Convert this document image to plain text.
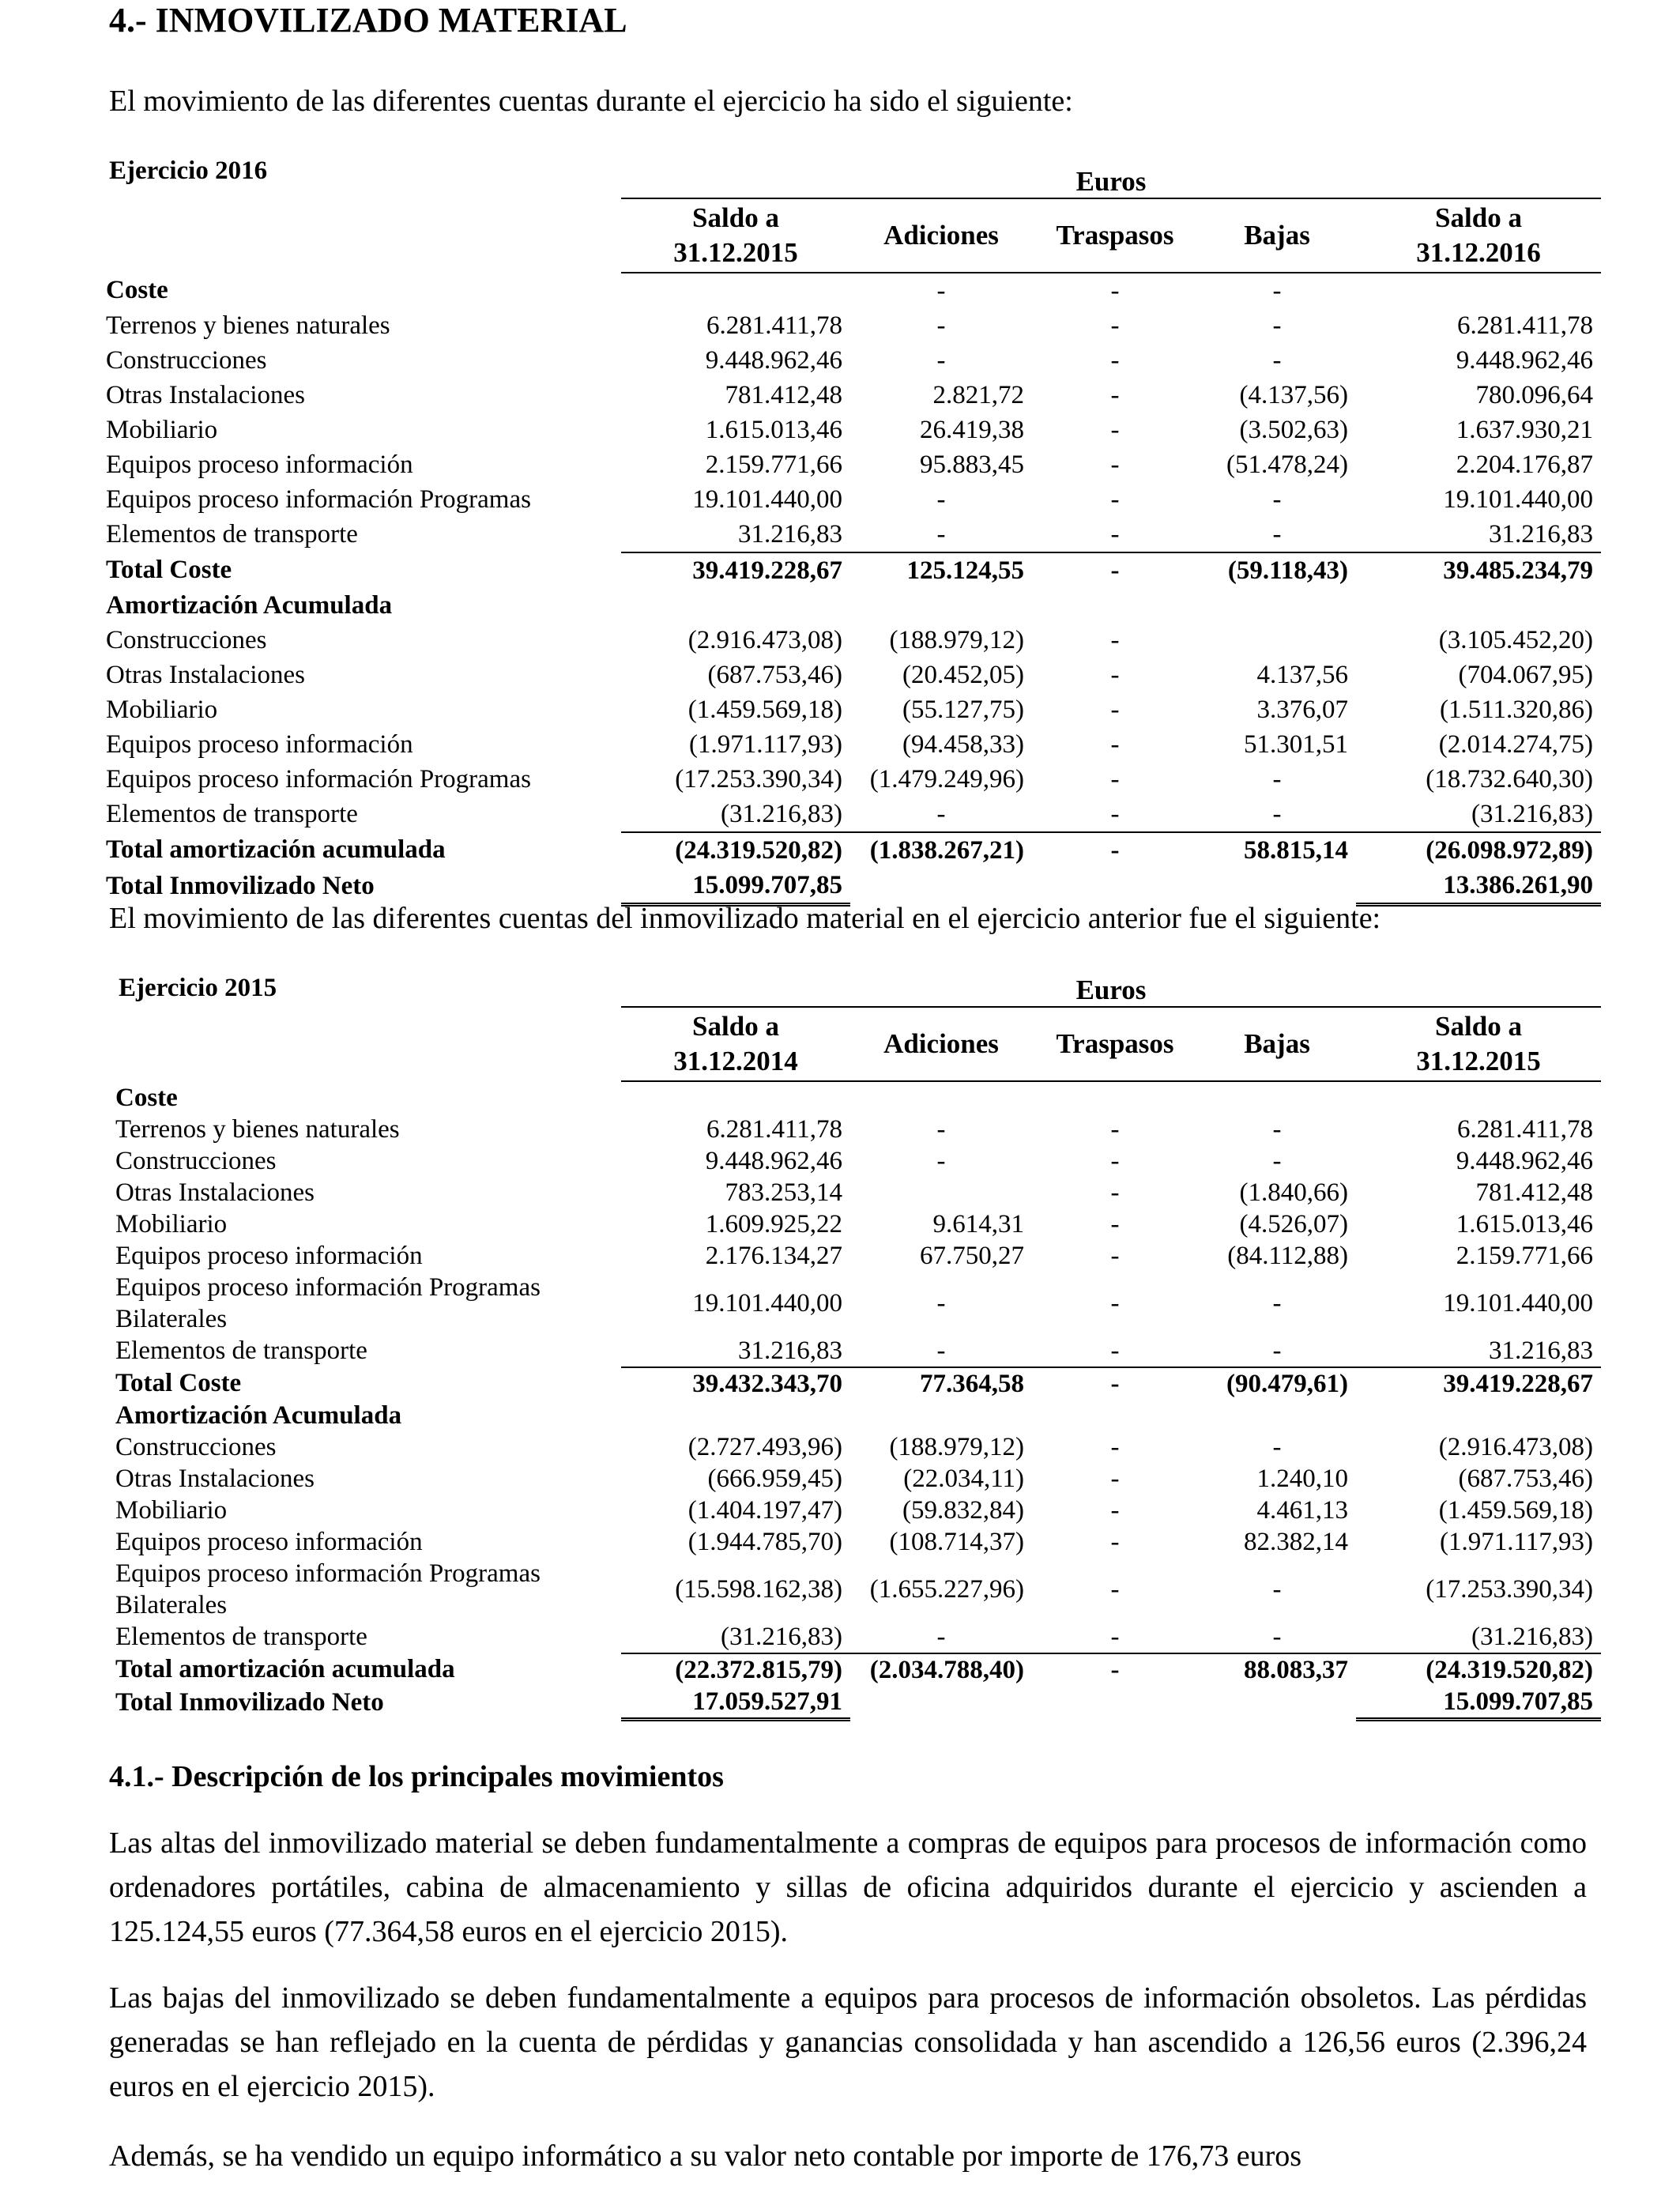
4.- INMOVILIZADO MATERIAL
El movimiento de las diferentes cuentas durante el ejercicio ha sido el siguiente:
Ejercicio 2016
		Euros				
	Saldo a
31.12.2015	Adiciones	Traspasos	Bajas	Saldo a
31.12.2016
Coste		-	-	-	
Terrenos y bienes naturales	6.281.411,78	-	-	-	6.281.411,78
Construcciones	9.448.962,46	-	-	-	9.448.962,46
Otras Instalaciones	781.412,48	2.821,72	-	(4.137,56)	780.096,64
Mobiliario	1.615.013,46	26.419,38	-	(3.502,63)	1.637.930,21
Equipos proceso información	2.159.771,66	95.883,45	-	(51.478,24)	2.204.176,87
Equipos proceso información Programas	19.101.440,00	-	-	-	19.101.440,00
Elementos de transporte	31.216,83	-	-	-	31.216,83
Total Coste	39.419.228,67	125.124,55	-	(59.118,43)	39.485.234,79
Amortización Acumulada					
Construcciones	(2.916.473,08)	(188.979,12)	-		(3.105.452,20)
Otras Instalaciones	(687.753,46)	(20.452,05)	-	4.137,56	(704.067,95)
Mobiliario	(1.459.569,18)	(55.127,75)	-	3.376,07	(1.511.320,86)
Equipos proceso información	(1.971.117,93)	(94.458,33)	-	51.301,51	(2.014.274,75)
Equipos proceso información Programas	(17.253.390,34)	(1.479.249,96)	-	-	(18.732.640,30)
Elementos de transporte	(31.216,83)	-	-	-	(31.216,83)
Total amortización acumulada	(24.319.520,82)	(1.838.267,21)	-	58.815,14	(26.098.972,89)
Total Inmovilizado Neto	15.099.707,85				13.386.261,90
El movimiento de las diferentes cuentas del inmovilizado material en el ejercicio anterior fue el siguiente:
Ejercicio 2015
		Euros				
	Saldo a
31.12.2014	Adiciones	Traspasos	Bajas	Saldo a
31.12.2015
Coste					
Terrenos y bienes naturales	6.281.411,78	-	-	-	6.281.411,78
Construcciones	9.448.962,46	-	-	-	9.448.962,46
Otras Instalaciones	783.253,14		-	(1.840,66)	781.412,48
Mobiliario	1.609.925,22	9.614,31	-	(4.526,07)	1.615.013,46
Equipos proceso información	2.176.134,27	67.750,27	-	(84.112,88)	2.159.771,66
Equipos proceso información Programas Bilaterales	19.101.440,00	-	-	-	19.101.440,00
Elementos de transporte	31.216,83	-	-	-	31.216,83
Total Coste	39.432.343,70	77.364,58	-	(90.479,61)	39.419.228,67
Amortización Acumulada					
Construcciones	(2.727.493,96)	(188.979,12)	-	-	(2.916.473,08)
Otras Instalaciones	(666.959,45)	(22.034,11)	-	1.240,10	(687.753,46)
Mobiliario	(1.404.197,47)	(59.832,84)	-	4.461,13	(1.459.569,18)
Equipos proceso información	(1.944.785,70)	(108.714,37)	-	82.382,14	(1.971.117,93)
Equipos proceso información Programas Bilaterales	(15.598.162,38)	(1.655.227,96)	-	-	(17.253.390,34)
Elementos de transporte	(31.216,83)	-	-	-	(31.216,83)
Total amortización acumulada	(22.372.815,79)	(2.034.788,40)	-	88.083,37	(24.319.520,82)
Total Inmovilizado Neto	17.059.527,91				15.099.707,85
4.1.- Descripción de los principales movimientos
Las altas del inmovilizado material se deben fundamentalmente a compras de equipos para procesos de información como ordenadores portátiles, cabina de almacenamiento y sillas de oficina adquiridos durante el ejercicio y ascienden a 125.124,55 euros (77.364,58 euros en el ejercicio 2015).
Las bajas del inmovilizado se deben fundamentalmente a equipos para procesos de información obsoletos. Las pérdidas generadas se han reflejado en la cuenta de pérdidas y ganancias consolidada y han ascendido a 126,56 euros (2.396,24 euros en el ejercicio 2015).
Además, se ha vendido un equipo informático a su valor neto contable por importe de 176,73 euros
